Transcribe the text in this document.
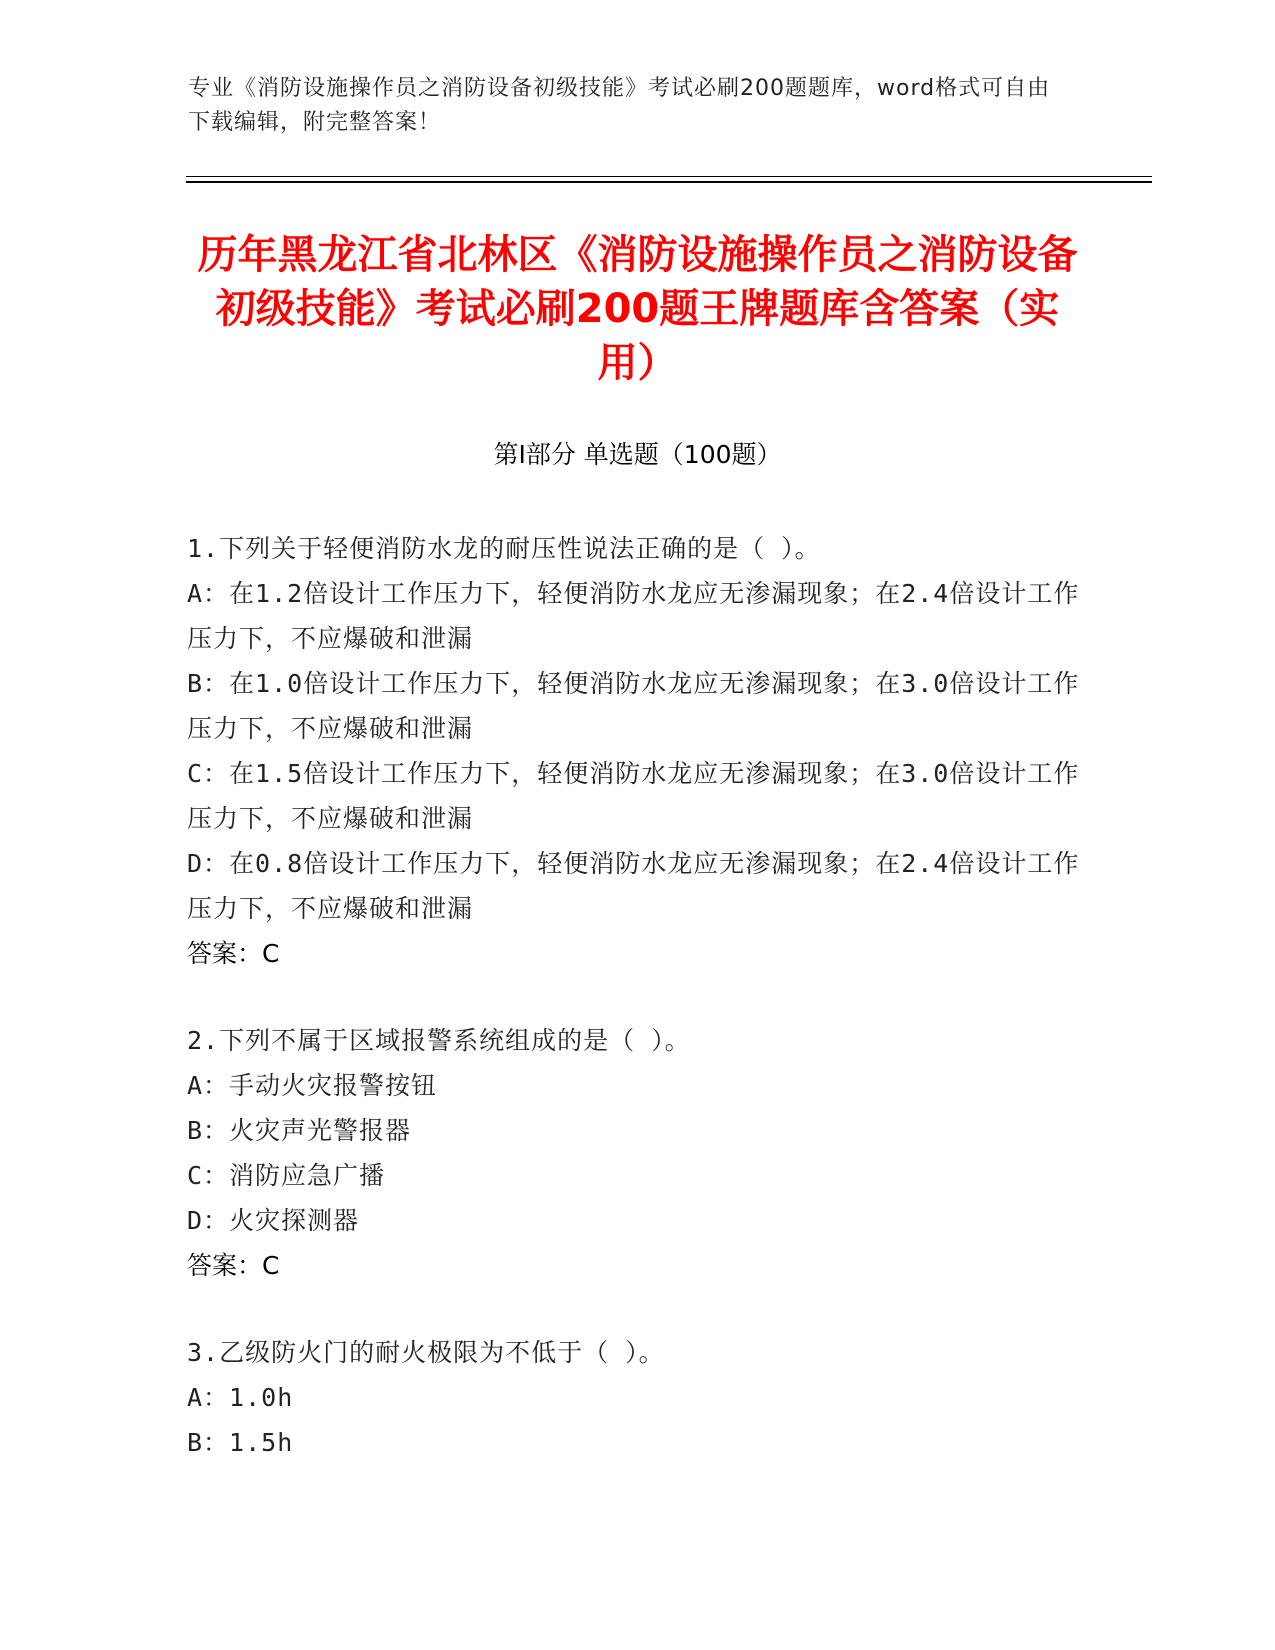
专业《消防设施操作员之消防设备初级技能》考试必刷200题题库，word格式可自由下载编辑，附完整答案！
历年黑龙江省北林区《消防设施操作员之消防设备初级技能》考试必刷200题王牌题库含答案（实用）
第I部分 单选题（100题）
1.下列关于轻便消防水龙的耐压性说法正确的是（ ）。
A：在1.2倍设计工作压力下，轻便消防水龙应无渗漏现象；在2.4倍设计工作压力下，不应爆破和泄漏
B：在1.0倍设计工作压力下，轻便消防水龙应无渗漏现象；在3.0倍设计工作压力下，不应爆破和泄漏
C：在1.5倍设计工作压力下，轻便消防水龙应无渗漏现象；在3.0倍设计工作压力下，不应爆破和泄漏
D：在0.8倍设计工作压力下，轻便消防水龙应无渗漏现象；在2.4倍设计工作压力下，不应爆破和泄漏
答案：C
2.下列不属于区域报警系统组成的是（ ）。
A：手动火灾报警按钮
B：火灾声光警报器
C：消防应急广播
D：火灾探测器
答案：C
3.乙级防火门的耐火极限为不低于（ ）。
A：1.0h
B：1.5h
